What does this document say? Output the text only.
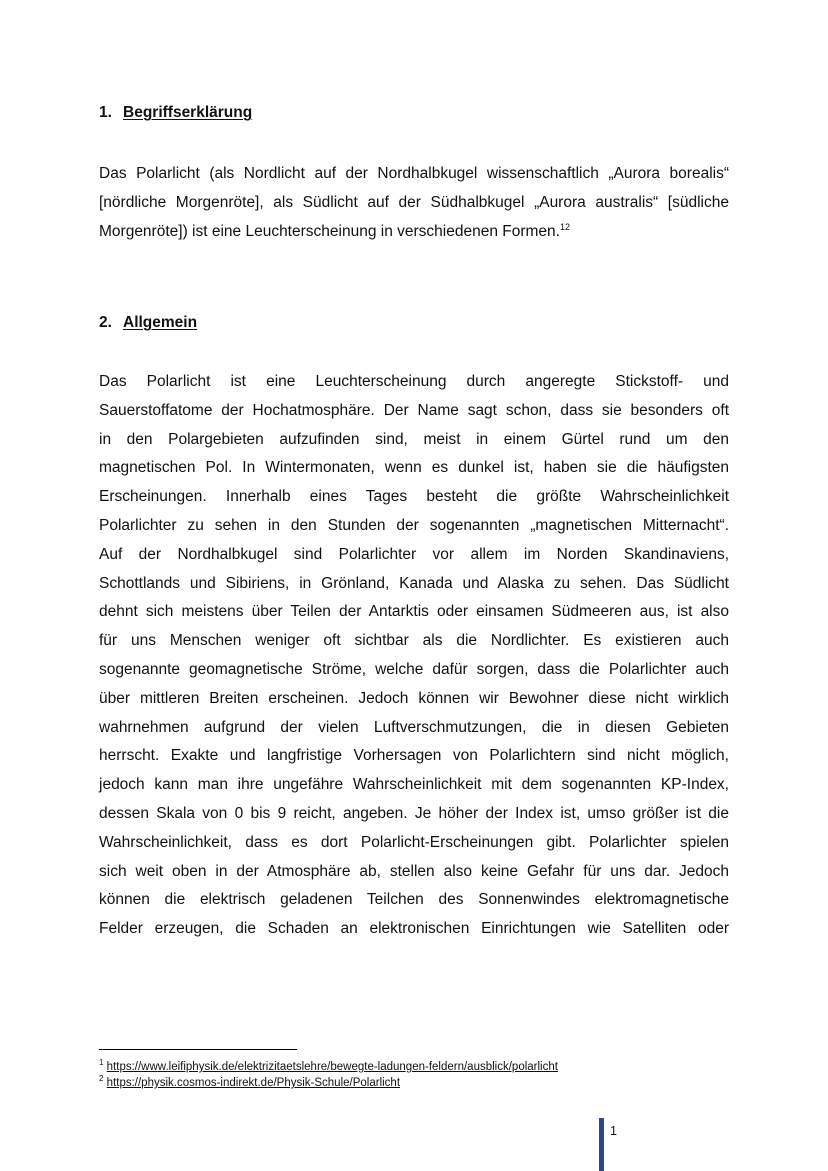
1. Begriffserklärung

Das Polarlicht (als Nordlicht auf der Nordhalbkugel wissenschaftlich „Aurora borealis“
[nördliche Morgenröte], als Südlicht auf der Südhalbkugel „Aurora australis“ [südliche
Morgenröte]) ist eine Leuchterscheinung in verschiedenen Formen.$^{12}$

2. Allgemein

Das Polarlicht ist eine Leuchterscheinung durch angeregte Stickstoff- und
Sauerstoffatome der Hochatmosphäre. Der Name sagt schon, dass sie besonders oft
in den Polargebieten aufzufinden sind, meist in einem Gürtel rund um den
magnetischen Pol. In Wintermonaten, wenn es dunkel ist, haben sie die häufigsten
Erscheinungen. Innerhalb eines Tages besteht die größte Wahrscheinlichkeit
Polarlichter zu sehen in den Stunden der sogenannten „magnetischen Mitternacht“.
Auf der Nordhalbkugel sind Polarlichter vor allem im Norden Skandinaviens,
Schottlands und Sibiriens, in Grönland, Kanada und Alaska zu sehen. Das Südlicht
dehnt sich meistens über Teilen der Antarktis oder einsamen Südmeeren aus, ist also
für uns Menschen weniger oft sichtbar als die Nordlichter. Es existieren auch
sogenannte geomagnetische Ströme, welche dafür sorgen, dass die Polarlichter auch
über mittleren Breiten erscheinen. Jedoch können wir Bewohner diese nicht wirklich
wahrnehmen aufgrund der vielen Luftverschmutzungen, die in diesen Gebieten
herrscht. Exakte und langfristige Vorhersagen von Polarlichtern sind nicht möglich,
jedoch kann man ihre ungefähre Wahrscheinlichkeit mit dem sogenannten KP-Index,
dessen Skala von 0 bis 9 reicht, angeben. Je höher der Index ist, umso größer ist die
Wahrscheinlichkeit, dass es dort Polarlicht-Erscheinungen gibt. Polarlichter spielen
sich weit oben in der Atmosphäre ab, stellen also keine Gefahr für uns dar. Jedoch
können die elektrisch geladenen Teilchen des Sonnenwindes elektromagnetische
Felder erzeugen, die Schaden an elektronischen Einrichtungen wie Satelliten oder

$^1$ https://www.leifiphysik.de/elektrizitaetslehre/bewegte-ladungen-feldern/ausblick/polarlicht
$^2$ https://physik.cosmos-indirekt.de/Physik-Schule/Polarlicht
1
